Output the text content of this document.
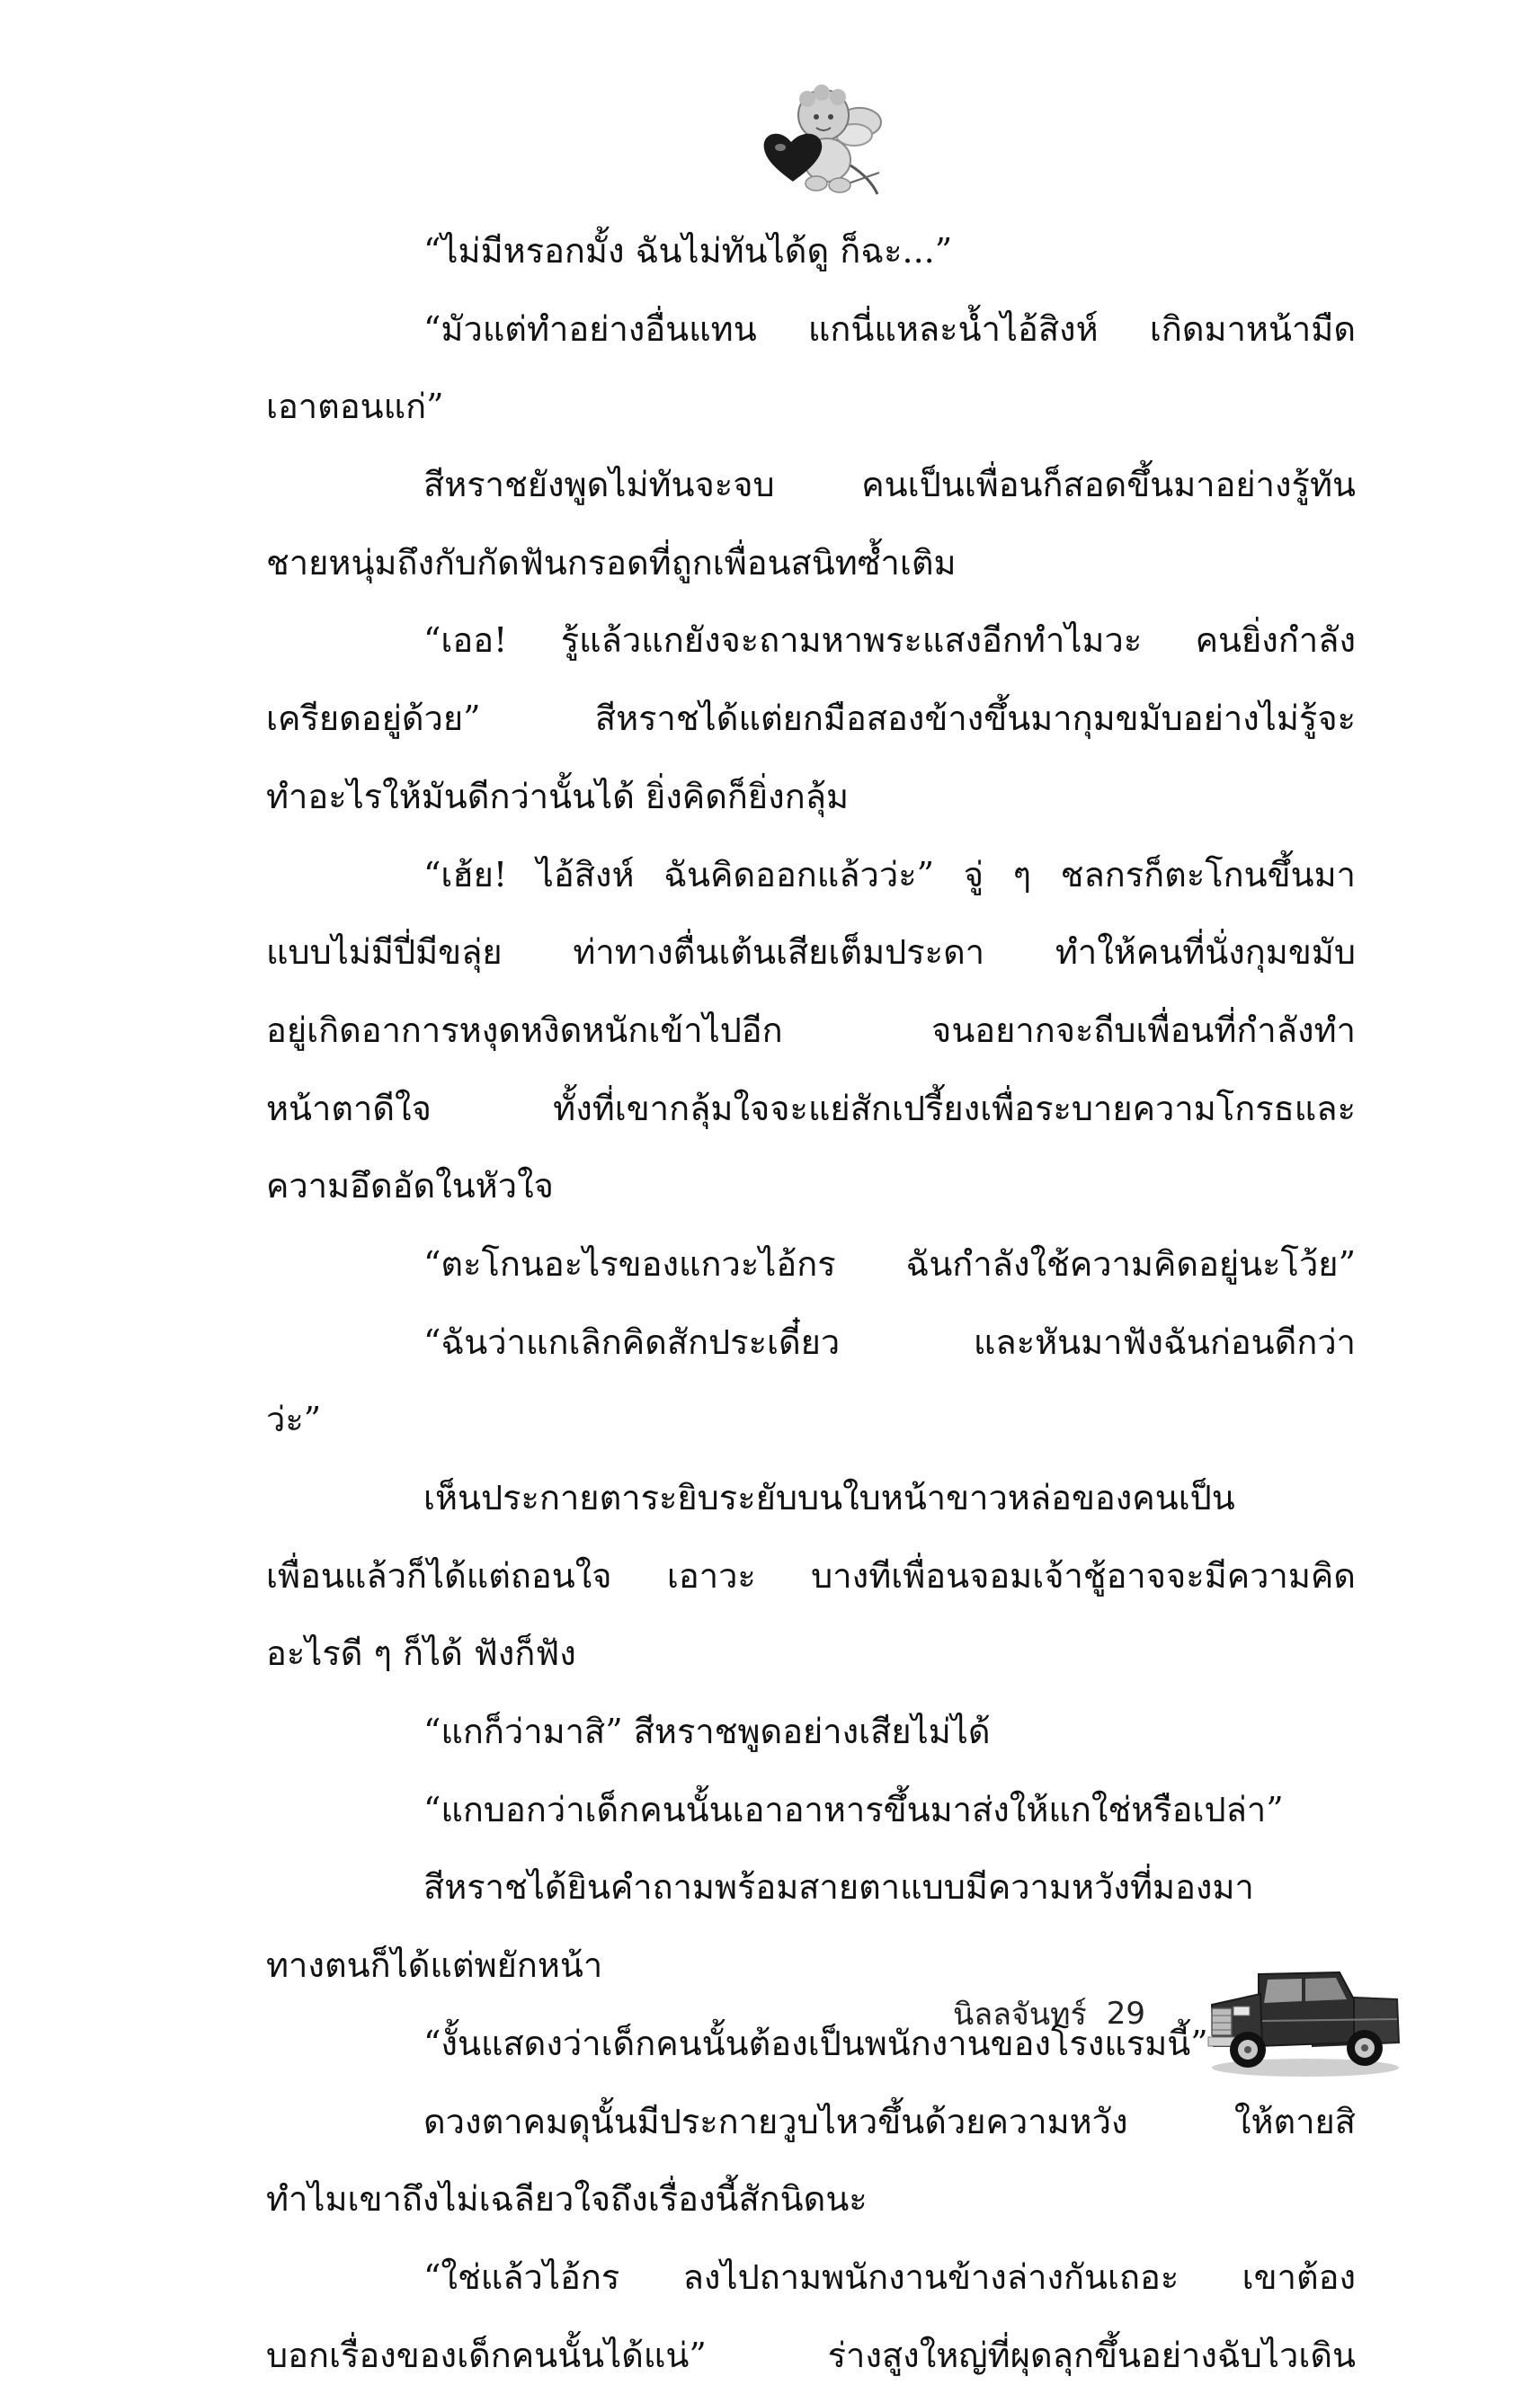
“ไม่มีหรอกมั้ง ฉันไม่ทันได้ดู ก็ฉะ...”
“มัวแต่ทำอย่างอื่นแทน แกนี่แหละน้ำไอ้สิงห์ เกิดมาหน้ามืด
เอาตอนแก่”
สีหราชยังพูดไม่ทันจะจบ คนเป็นเพื่อนก็สอดขึ้นมาอย่างรู้ทัน
ชายหนุ่มถึงกับกัดฟันกรอดที่ถูกเพื่อนสนิทซ้ำเติม
“เออ! รู้แล้วแกยังจะถามหาพระแสงอีกทำไมวะ คนยิ่งกำลัง
เครียดอยู่ด้วย” สีหราชได้แต่ยกมือสองข้างขึ้นมากุมขมับอย่างไม่รู้จะ
ทำอะไรให้มันดีกว่านั้นได้ ยิ่งคิดก็ยิ่งกลุ้ม
“เฮ้ย! ไอ้สิงห์ ฉันคิดออกแล้วว่ะ” จู่ ๆ ชลกรก็ตะโกนขึ้นมา
แบบไม่มีปี่มีขลุ่ย ท่าทางตื่นเต้นเสียเต็มประดา ทำให้คนที่นั่งกุมขมับ
อยู่เกิดอาการหงุดหงิดหนักเข้าไปอีก จนอยากจะถีบเพื่อนที่กำลังทำ
หน้าตาดีใจ ทั้งที่เขากลุ้มใจจะแย่สักเปรี้ยงเพื่อระบายความโกรธและ
ความอึดอัดในหัวใจ
“ตะโกนอะไรของแกวะไอ้กร ฉันกำลังใช้ความคิดอยู่นะโว้ย”
“ฉันว่าแกเลิกคิดสักประเดี๋ยว และหันมาฟังฉันก่อนดีกว่า
ว่ะ”
เห็นประกายตาระยิบระยับบนใบหน้าขาวหล่อของคนเป็น
เพื่อนแล้วก็ได้แต่ถอนใจ เอาวะ บางทีเพื่อนจอมเจ้าชู้อาจจะมีความคิด
อะไรดี ๆ ก็ได้ ฟังก็ฟัง
“แกก็ว่ามาสิ” สีหราชพูดอย่างเสียไม่ได้
“แกบอกว่าเด็กคนนั้นเอาอาหารขึ้นมาส่งให้แกใช่หรือเปล่า”
สีหราชได้ยินคำถามพร้อมสายตาแบบมีความหวังที่มองมา
ทางตนก็ได้แต่พยักหน้า
“งั้นแสดงว่าเด็กคนนั้นต้องเป็นพนักงานของโรงแรมนี้”
ดวงตาคมดุนั้นมีประกายวูบไหวขึ้นด้วยความหวัง ให้ตายสิ
ทำไมเขาถึงไม่เฉลียวใจถึงเรื่องนี้สักนิดนะ
“ใช่แล้วไอ้กร ลงไปถามพนักงานข้างล่างกันเถอะ เขาต้อง
บอกเรื่องของเด็กคนนั้นได้แน่” ร่างสูงใหญ่ที่ผุดลุกขึ้นอย่างฉับไวเดิน
นิลลจันทร์ 29
